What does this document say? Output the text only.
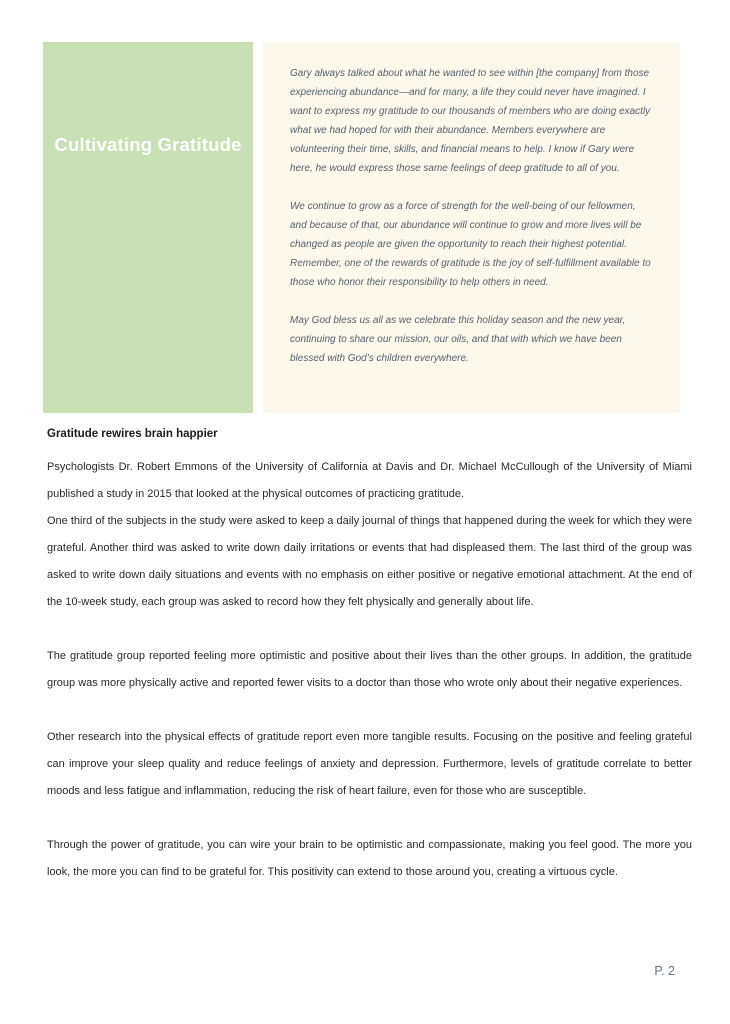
Cultivating Gratitude

Gary always talked about what he wanted to see within [the company] from those experiencing abundance—and for many, a life they could never have imagined. I want to express my gratitude to our thousands of members who are doing exactly what we had hoped for with their abundance. Members everywhere are volunteering their time, skills, and financial means to help. I know if Gary were here, he would express those same feelings of deep gratitude to all of you.

We continue to grow as a force of strength for the well-being of our fellowmen, and because of that, our abundance will continue to grow and more lives will be changed as people are given the opportunity to reach their highest potential. Remember, one of the rewards of gratitude is the joy of self-fulfillment available to those who honor their responsibility to help others in need.

May God bless us all as we celebrate this holiday season and the new year, continuing to share our mission, our oils, and that with which we have been blessed with God’s children everywhere.

Gratitude rewires brain happier

Psychologists Dr. Robert Emmons of the University of California at Davis and Dr. Michael McCullough of the University of Miami published a study in 2015 that looked at the physical outcomes of practicing gratitude.

One third of the subjects in the study were asked to keep a daily journal of things that happened during the week for which they were grateful. Another third was asked to write down daily irritations or events that had displeased them. The last third of the group was asked to write down daily situations and events with no emphasis on either positive or negative emotional attachment. At the end of the 10-week study, each group was asked to record how they felt physically and generally about life.

The gratitude group reported feeling more optimistic and positive about their lives than the other groups. In addition, the gratitude group was more physically active and reported fewer visits to a doctor than those who wrote only about their negative experiences.

Other research into the physical effects of gratitude report even more tangible results. Focusing on the positive and feeling grateful can improve your sleep quality and reduce feelings of anxiety and depression. Furthermore, levels of gratitude correlate to better moods and less fatigue and inflammation, reducing the risk of heart failure, even for those who are susceptible.

Through the power of gratitude, you can wire your brain to be optimistic and compassionate, making you feel good. The more you look, the more you can find to be grateful for. This positivity can extend to those around you, creating a virtuous cycle.

P. 2
